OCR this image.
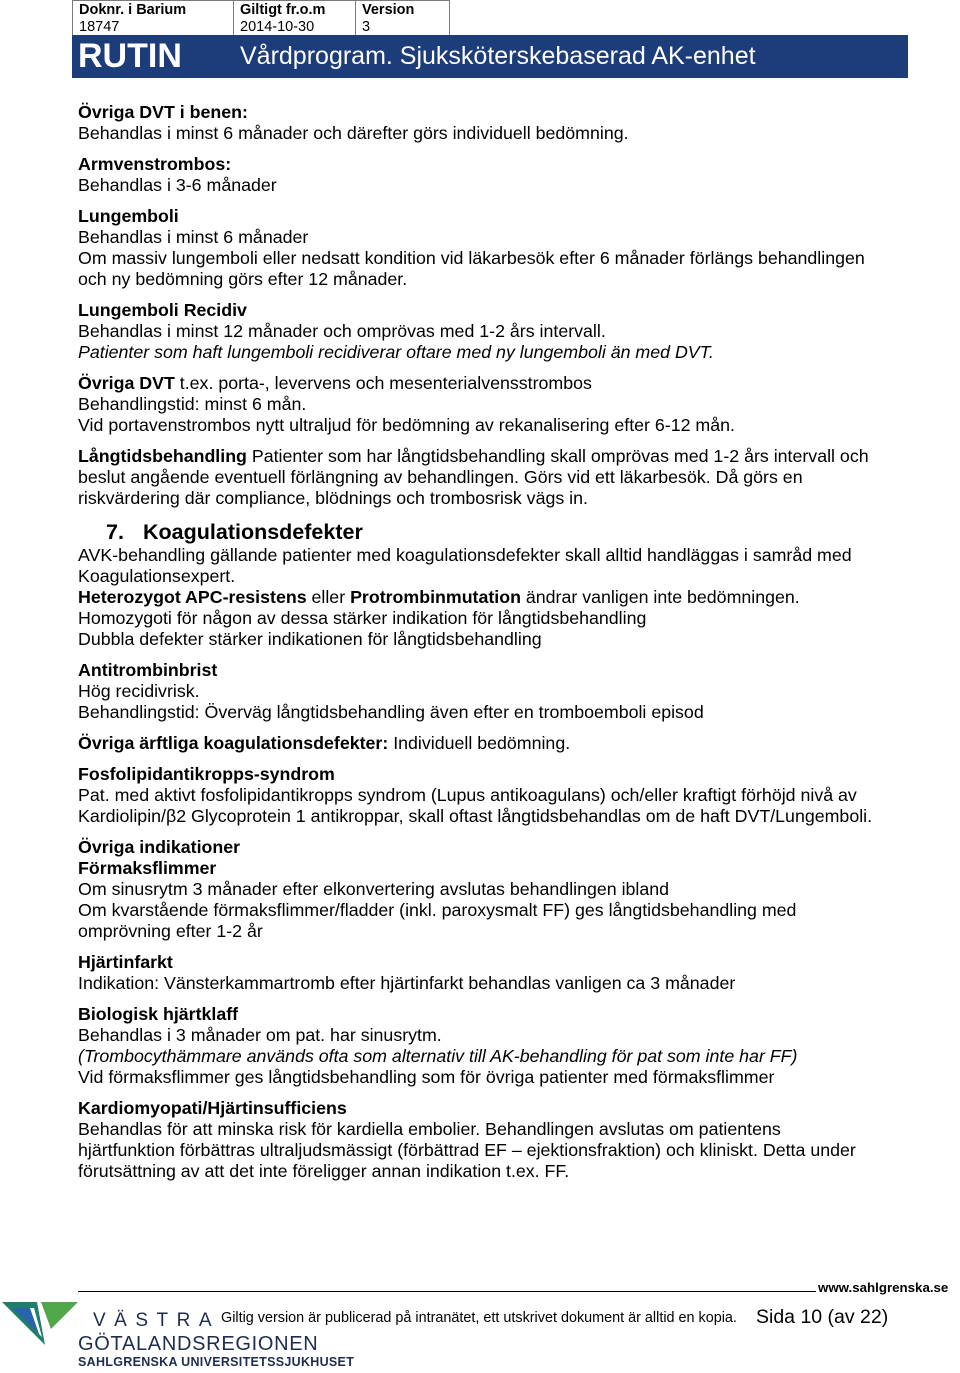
Doknr. i Barium
18747
Giltigt fr.o.m
2014-10-30
Version
3
RUTIN Vårdprogram. Sjuksköterskebaserad AK-enhet
Övriga DVT i benen:
Behandlas i minst 6 månader och därefter görs individuell bedömning.
Armvenstrombos:
Behandlas i 3-6 månader
Lungemboli
Behandlas i minst 6 månader
Om massiv lungemboli eller nedsatt kondition vid läkarbesök efter 6 månader förlängs behandlingen
och ny bedömning görs efter 12 månader.
Lungemboli Recidiv
Behandlas i minst 12 månader och omprövas med 1-2 års intervall.
Patienter som haft lungemboli recidiverar oftare med ny lungemboli än med DVT.
Övriga DVT t.ex. porta-, levervens och mesenterialvensstrombos
Behandlingstid: minst 6 mån.
Vid portavenstrombos nytt ultraljud för bedömning av rekanalisering efter 6-12 mån.
Långtidsbehandling Patienter som har långtidsbehandling skall omprövas med 1-2 års intervall och
beslut angående eventuell förlängning av behandlingen. Görs vid ett läkarbesök. Då görs en
riskvärdering där compliance, blödnings och trombosrisk vägs in.
7. Koagulationsdefekter
AVK-behandling gällande patienter med koagulationsdefekter skall alltid handläggas i samråd med
Koagulationsexpert.
Heterozygot APC-resistens eller Protrombinmutation ändrar vanligen inte bedömningen.
Homozygoti för någon av dessa stärker indikation för långtidsbehandling
Dubbla defekter stärker indikationen för långtidsbehandling
Antitrombinbrist
Hög recidivrisk.
Behandlingstid: Överväg långtidsbehandling även efter en tromboemboli episod
Övriga ärftliga koagulationsdefekter: Individuell bedömning.
Fosfolipidantikropps-syndrom
Pat. med aktivt fosfolipidantikropps syndrom (Lupus antikoagulans) och/eller kraftigt förhöjd nivå av
Kardiolipin/β2 Glycoprotein 1 antikroppar, skall oftast långtidsbehandlas om de haft DVT/Lungemboli.
Övriga indikationer
Förmaksflimmer
Om sinusrytm 3 månader efter elkonvertering avslutas behandlingen ibland
Om kvarstående förmaksflimmer/fladder (inkl. paroxysmalt FF) ges långtidsbehandling med
omprövning efter 1-2 år
Hjärtinfarkt
Indikation: Vänsterkammartromb efter hjärtinfarkt behandlas vanligen ca 3 månader
Biologisk hjärtklaff
Behandlas i 3 månader om pat. har sinusrytm.
(Trombocythämmare används ofta som alternativ till AK-behandling för pat som inte har FF)
Vid förmaksflimmer ges långtidsbehandling som för övriga patienter med förmaksflimmer
Kardiomyopati/Hjärtinsufficiens
Behandlas för att minska risk för kardiella embolier. Behandlingen avslutas om patientens
hjärtfunktion förbättras ultraljudsmässigt (förbättrad EF – ejektionsfraktion) och kliniskt. Detta under
förutsättning av att det inte föreligger annan indikation t.ex. FF.
www.sahlgrenska.se
VÄSTRA
GÖTALANDSREGIONEN
SAHLGRENSKA UNIVERSITETSSJUKHUSET
Giltig version är publicerad på intranätet, ett utskrivet dokument är alltid en kopia. Sida 10 (av 22)
